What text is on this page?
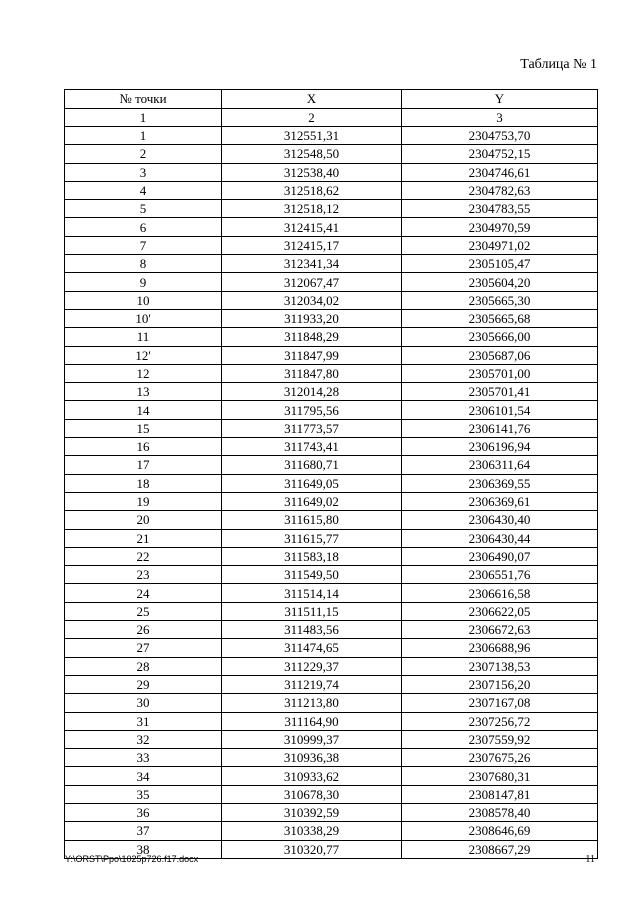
Таблица № 1
№ точки	X	Y
1	2	3
1	312551,31	2304753,70
2	312548,50	2304752,15
3	312538,40	2304746,61
4	312518,62	2304782,63
5	312518,12	2304783,55
6	312415,41	2304970,59
7	312415,17	2304971,02
8	312341,34	2305105,47
9	312067,47	2305604,20
10	312034,02	2305665,30
10'	311933,20	2305665,68
11	311848,29	2305666,00
12'	311847,99	2305687,06
12	311847,80	2305701,00
13	312014,28	2305701,41
14	311795,56	2306101,54
15	311773,57	2306141,76
16	311743,41	2306196,94
17	311680,71	2306311,64
18	311649,05	2306369,55
19	311649,02	2306369,61
20	311615,80	2306430,40
21	311615,77	2306430,44
22	311583,18	2306490,07
23	311549,50	2306551,76
24	311514,14	2306616,58
25	311511,15	2306622,05
26	311483,56	2306672,63
27	311474,65	2306688,96
28	311229,37	2307138,53
29	311219,74	2307156,20
30	311213,80	2307167,08
31	311164,90	2307256,72
32	310999,37	2307559,92
33	310936,38	2307675,26
34	310933,62	2307680,31
35	310678,30	2308147,81
36	310392,59	2308578,40
37	310338,29	2308646,69
38	310320,77	2308667,29
Y:\ORST\Ppo\1025p726.f17.docx	11
